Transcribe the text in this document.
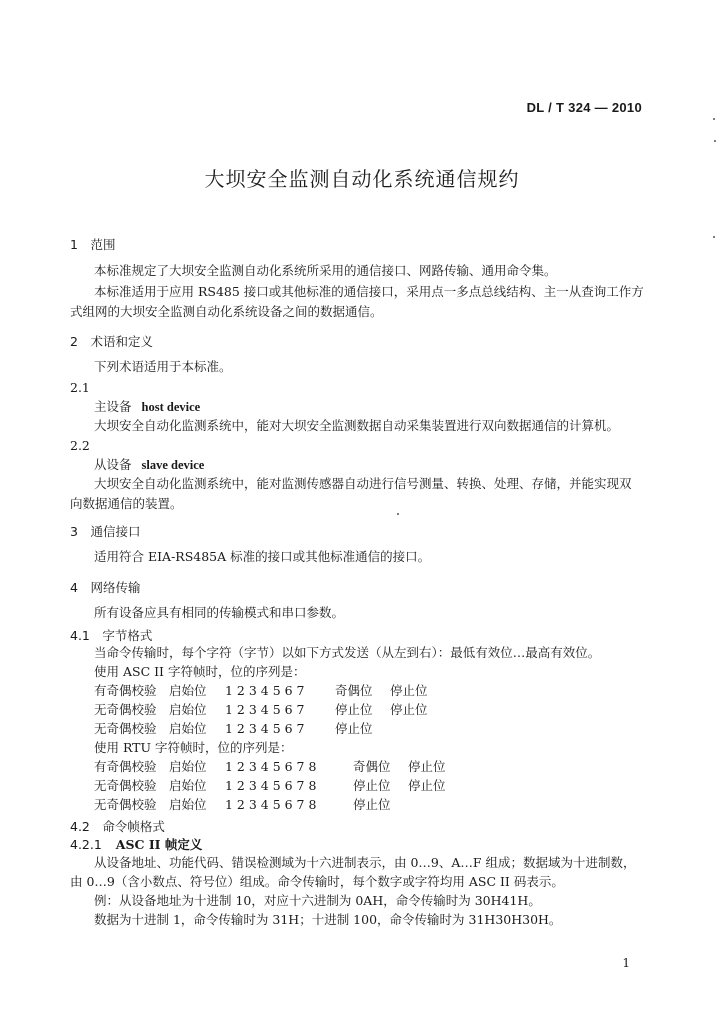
DL / T 324 — 2010
大坝安全监测自动化系统通信规约
1　范围
本标准规定了大坝安全监测自动化系统所采用的通信接口、网路传输、通用命令集。
本标准适用于应用 RS485 接口或其他标准的通信接口，采用点一多点总线结构、主一从查询工作方
式组网的大坝安全监测自动化系统设备之间的数据通信。
2　术语和定义
下列术语适用于本标准。
2.1
主设备 host device
大坝安全自动化监测系统中，能对大坝安全监测数据自动采集装置进行双向数据通信的计算机。
2.2
从设备 slave device
大坝安全自动化监测系统中，能对监测传感器自动进行信号测量、转换、处理、存储，并能实现双
向数据通信的装置。
3　通信接口
适用符合 EIA-RS485A 标准的接口或其他标准通信的接口。
4　网络传输
所有设备应具有相同的传输模式和串口参数。
4.1　字节格式
当命令传输时，每个字符（字节）以如下方式发送（从左到右）：最低有效位…最高有效位。
使用 ASC II 字符帧时，位的序列是：
有奇偶校验 启始位 1 2 3 4 5 6 7 奇偶位 停止位
无奇偶校验 启始位 1 2 3 4 5 6 7 停止位 停止位
无奇偶校验 启始位 1 2 3 4 5 6 7 停止位
使用 RTU 字符帧时，位的序列是：
有奇偶校验 启始位 1 2 3 4 5 6 7 8	奇偶位 停止位
无奇偶校验 启始位 1 2 3 4 5 6 7 8	停止位 停止位
无奇偶校验 启始位 1 2 3 4 5 6 7 8	停止位
4.2　命令帧格式
4.2.1 ASC II 帧定义
从设备地址、功能代码、错误检测域为十六进制表示，由 0…9、A…F 组成；数据域为十进制数，
由 0…9（含小数点、符号位）组成。命令传输时，每个数字或字符均用 ASC II 码表示。
例：从设备地址为十进制 10，对应十六进制为 0AH，命令传输时为 30H41H。
数据为十进制 1，命令传输时为 31H；十进制 100，命令传输时为 31H30H30H。
1
